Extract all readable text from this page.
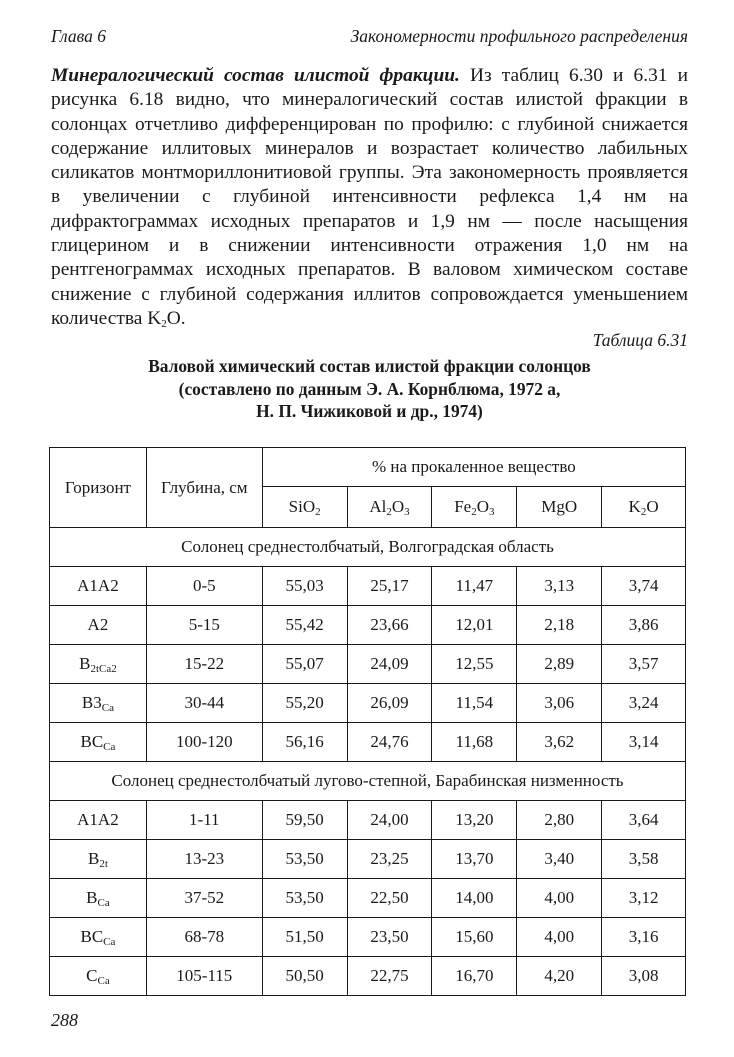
Глава 6	Закономерности профильного распределения
Минералогический состав илистой фракции. Из таблиц 6.30 и 6.31 и рисунка 6.18 видно, что минералогический состав илистой фракции в солонцах отчетливо дифференцирован по профилю: с глубиной снижается содержание иллитовых минералов и возрастает количество лабильных силикатов монтмориллонитиовой группы. Эта закономерность проявляется в увеличении с глубиной интенсивности рефлекса 1,4 нм на дифрактограммах исходных препаратов и 1,9 нм — после насыщения глицерином и в снижении интенсивности отражения 1,0 нм на рентгенограммах исходных препаратов. В валовом химическом составе снижение с глубиной содержания иллитов сопровождается уменьшением количества $K_2O$.
Таблица 6.31
Валовой химический состав илистой фракции солонцов
(составлено по данным Э. А. Корнблюма, 1972 а,
Н. П. Чижиковой и др., 1974)
Горизонт	Глубина, см	% на прокаленное вещество				
		SiO$_2$	$Al_2O_3$	$Fe_2O_3$	MgO	$K_2O$
Солонец среднестолбчатый, Волгоградская область						
A1A2	0-5	55,03	25,17	11,47	3,13	3,74
A2	5-15	55,42	23,66	12,01	2,18	3,86
$B_{2tCa2}$	15-22	55,07	24,09	12,55	2,89	3,57
$B3_{Ca}$	30-44	55,20	26,09	11,54	3,06	3,24
$BC_{Ca}$	100-120	56,16	24,76	11,68	3,62	3,14
Солонец среднестолбчатый лугово-степной, Барабинская низменность						
A1A2	1-11	59,50	24,00	13,20	2,80	3,64
$B_{2t}$	13-23	53,50	23,25	13,70	3,40	3,58
$B_{Ca}$	37-52	53,50	22,50	14,00	4,00	3,12
$BC_{Ca}$	68-78	51,50	23,50	15,60	4,00	3,16
$C_{Ca}$	105-115	50,50	22,75	16,70	4,20	3,08
288
